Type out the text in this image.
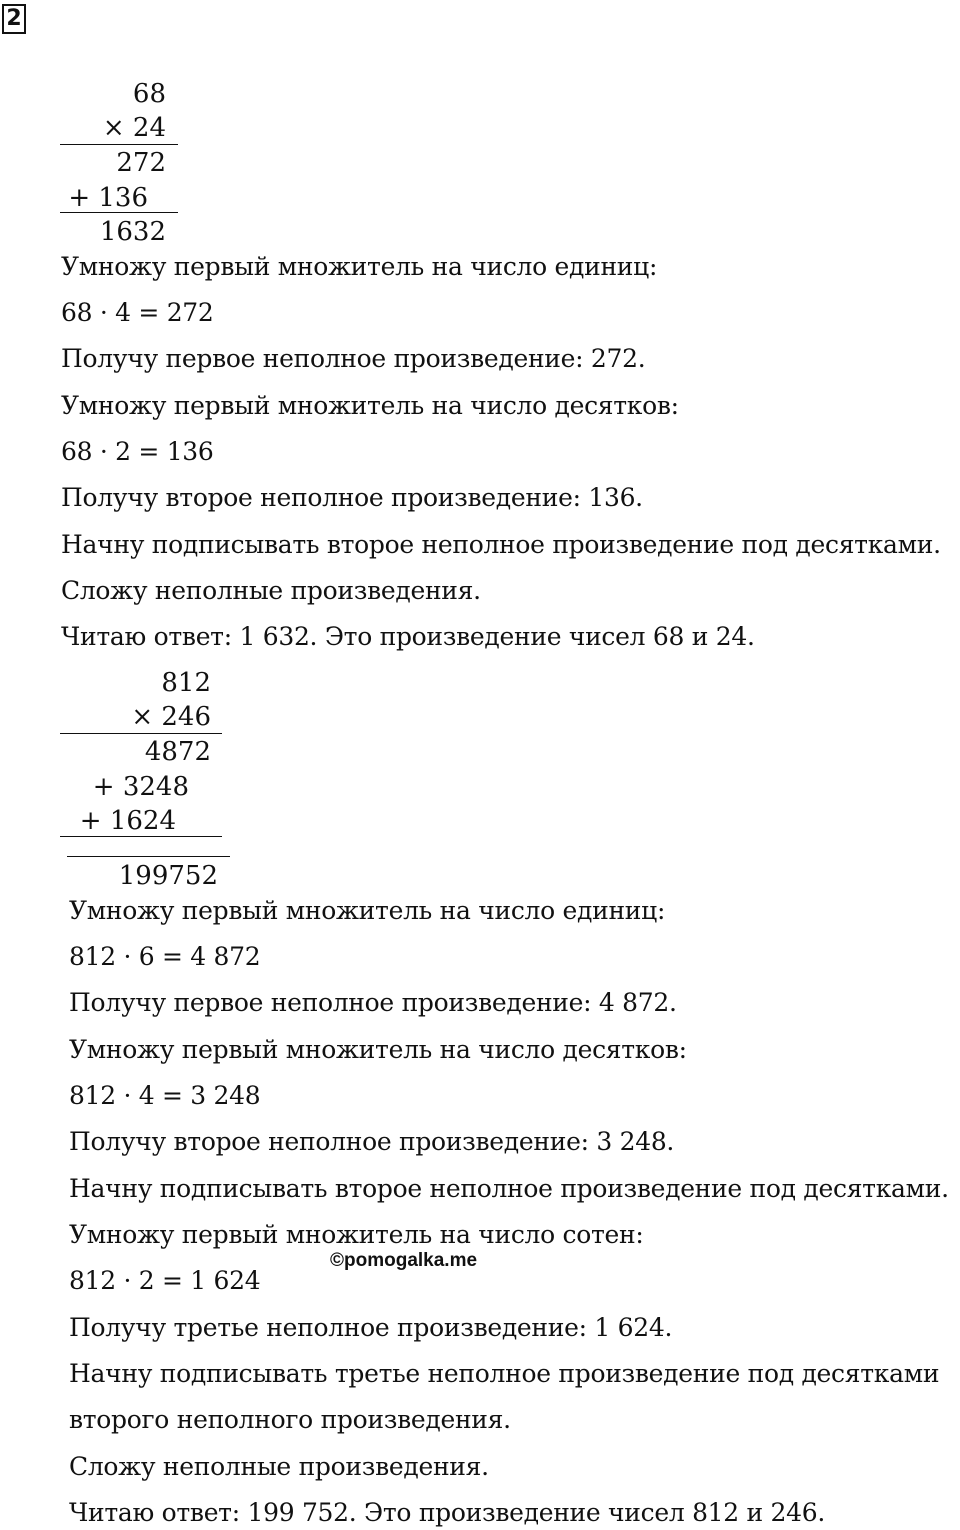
2
68
× 24
272
+ 136
1632
Умножу первый множитель на число единиц:
68 · 4 = 272
Получу первое неполное произведение: 272.
Умножу первый множитель на число десятков:
68 · 2 = 136
Получу второе неполное произведение: 136.
Начну подписывать второе неполное произведение под десятками.
Сложу неполные произведения.
Читаю ответ: 1 632. Это произведение чисел 68 и 24.
812
× 246
4872
+ 3248
+ 1624
199752
Умножу первый множитель на число единиц:
812 · 6 = 4 872
Получу первое неполное произведение: 4 872.
Умножу первый множитель на число десятков:
812 · 4 = 3 248
Получу второе неполное произведение: 3 248.
Начну подписывать второе неполное произведение под десятками.
Умножу первый множитель на число сотен:
812 · 2 = 1 624
Получу третье неполное произведение: 1 624.
Начну подписывать третье неполное произведение под десятками
второго неполного произведения.
Сложу неполные произведения.
Читаю ответ: 199 752. Это произведение чисел 812 и 246.
©pomogalka.me
